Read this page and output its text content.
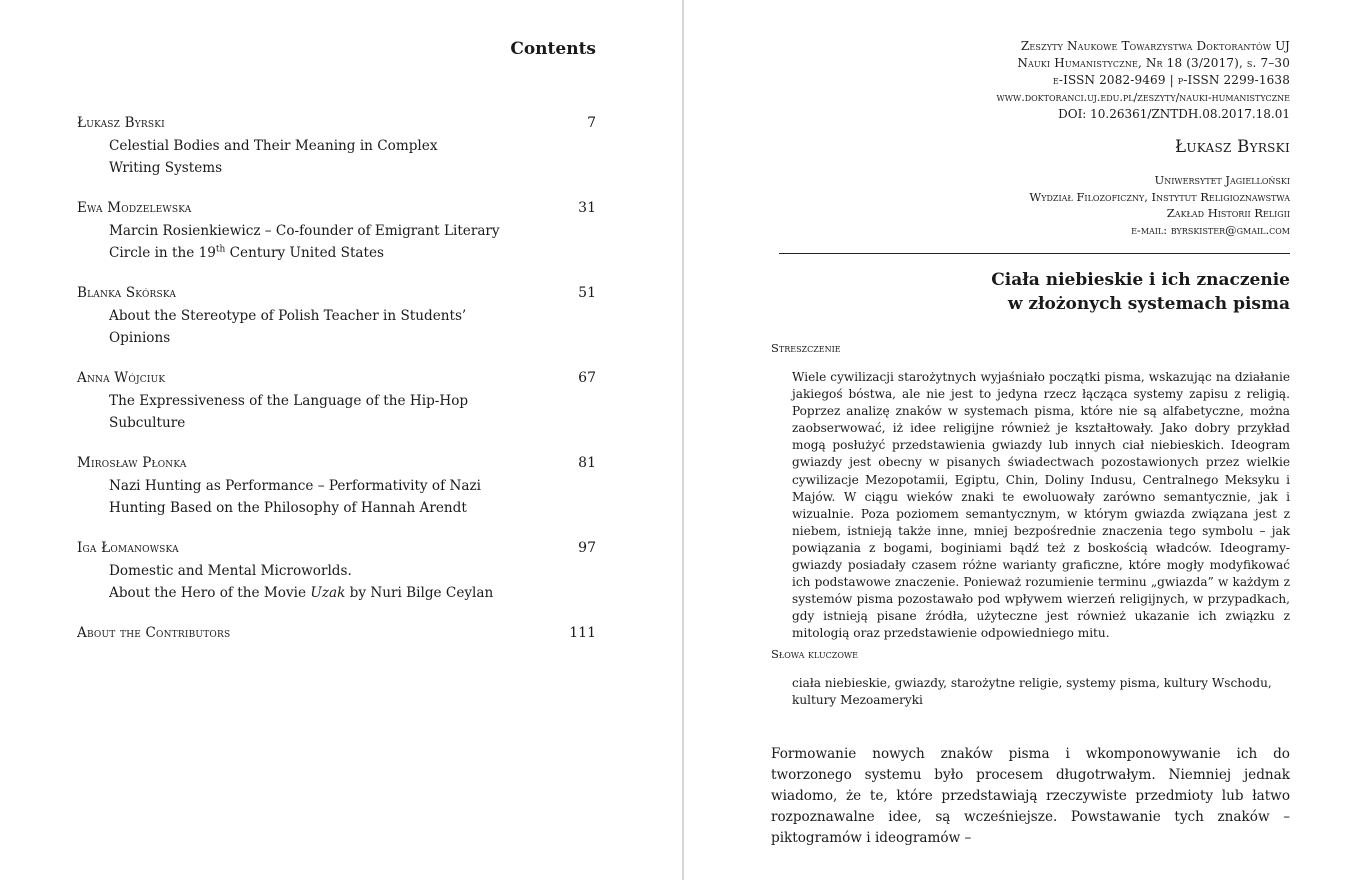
Contents
Łukasz Byrski	7
Celestial Bodies and Their Meaning in Complex
Writing Systems
Ewa Modzelewska	31
Marcin Rosienkiewicz – Co-founder of Emigrant Literary
Circle in the 19th Century United States
Blanka Skórska	51
About the Stereotype of Polish Teacher in Students’
Opinions
Anna Wójciuk	67
The Expressiveness of the Language of the Hip-Hop
Subculture
Mirosław Płonka	81
Nazi Hunting as Performance – Performativity of Nazi
Hunting Based on the Philosophy of Hannah Arendt
Iga Łomanowska	97
Domestic and Mental Microworlds.
About the Hero of the Movie Uzak by Nuri Bilge Ceylan
About the Contributors	111
Zeszyty Naukowe Towarzystwa Doktorantów UJ
Nauki Humanistyczne, Nr 18 (3/2017), s. 7–30
e-ISSN 2082-9469 | p-ISSN 2299-1638
www.doktoranci.uj.edu.pl/zeszyty/nauki-humanistyczne
DOI: 10.26361/ZNTDH.08.2017.18.01
Łukasz Byrski
Uniwersytet Jagielloński
Wydział Filozoficzny, Instytut Religioznawstwa
Zakład Historii Religii
e-mail: byrskister@gmail.com
Ciała niebieskie i ich znaczenie
w złożonych systemach pisma
Streszczenie

Wiele cywilizacji starożytnych wyjaśniało początki pisma, wskazując na działanie jakiegoś bóstwa, ale nie jest to jedyna rzecz łącząca systemy zapisu z religią. Poprzez analizę znaków w systemach pisma, które nie są alfabetyczne, można zaobserwować, iż idee religijne również je kształtowały. Jako dobry przykład mogą posłużyć przedstawienia gwiazdy lub innych ciał niebieskich. Ideogram gwiazdy jest obecny w pisanych świadectwach pozostawionych przez wielkie cywilizacje Mezopotamii, Egiptu, Chin, Doliny Indusu, Centralnego Meksyku i Majów. W ciągu wieków znaki te ewoluowały zarówno semantycznie, jak i wizualnie. Poza poziomem semantycznym, w którym gwiazda związana jest z niebem, istnieją także inne, mniej bezpośrednie znaczenia tego symbolu – jak powiązania z bogami, boginiami bądź też z boskością władców. Ideogramy-gwiazdy posiadały czasem różne warianty graficzne, które mogły modyfikować ich podstawowe znaczenie. Ponieważ rozumienie terminu „gwiazda” w każdym z systemów pisma pozostawało pod wpływem wierzeń religijnych, w przypadkach, gdy istnieją pisane źródła, użyteczne jest również ukazanie ich związku z mitologią oraz przedstawienie odpowiedniego mitu.

Słowa kluczowe

ciała niebieskie, gwiazdy, starożytne religie, systemy pisma, kultury Wschodu, kultury Mezoameryki

Formowanie nowych znaków pisma i wkomponowywanie ich do tworzonego systemu było procesem długotrwałym. Niemniej jednak wiadomo, że te, które przedstawiają rzeczywiste przedmioty lub łatwo rozpoznawalne idee, są wcześniejsze. Powstawanie tych znaków – piktogramów i ideogramów –
